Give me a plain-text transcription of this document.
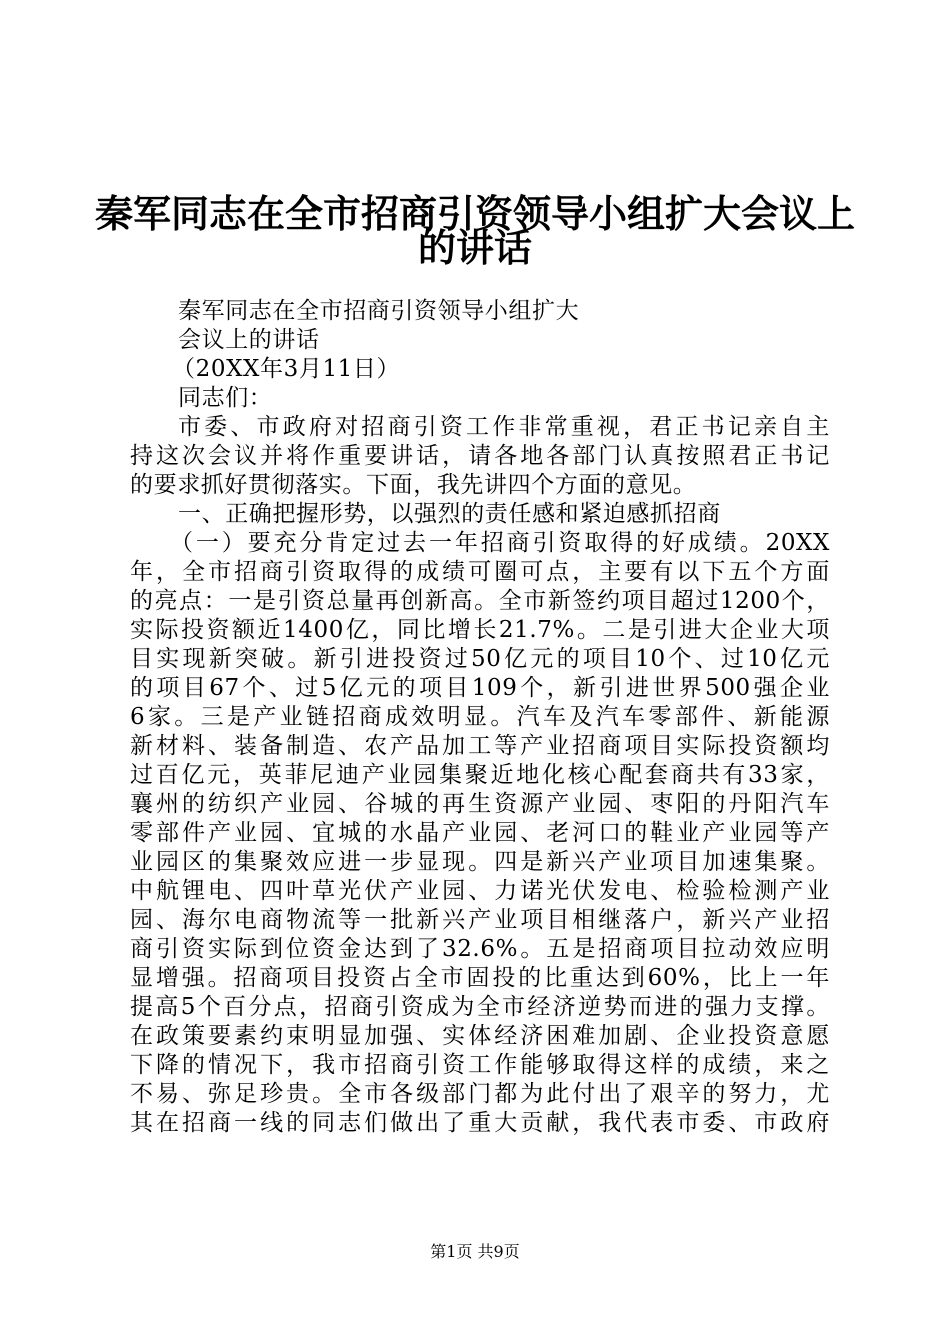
秦军同志在全市招商引资领导小组扩大会议上
的讲话
秦军同志在全市招商引资领导小组扩大
会议上的讲话
（20XX年3月11日）
同志们：
市委、市政府对招商引资工作非常重视，君正书记亲自主
持这次会议并将作重要讲话，请各地各部门认真按照君正书记
的要求抓好贯彻落实。下面，我先讲四个方面的意见。
一、正确把握形势，以强烈的责任感和紧迫感抓招商
（一）要充分肯定过去一年招商引资取得的好成绩。20XX
年，全市招商引资取得的成绩可圈可点，主要有以下五个方面
的亮点：一是引资总量再创新高。全市新签约项目超过1200个，
实际投资额近1400亿，同比增长21.7%。二是引进大企业大项
目实现新突破。新引进投资过50亿元的项目10个、过10亿元
的项目67个、过5亿元的项目109个，新引进世界500强企业
6家。三是产业链招商成效明显。汽车及汽车零部件、新能源
新材料、装备制造、农产品加工等产业招商项目实际投资额均
过百亿元，英菲尼迪产业园集聚近地化核心配套商共有33家，
襄州的纺织产业园、谷城的再生资源产业园、枣阳的丹阳汽车
零部件产业园、宜城的水晶产业园、老河口的鞋业产业园等产
业园区的集聚效应进一步显现。四是新兴产业项目加速集聚。
中航锂电、四叶草光伏产业园、力诺光伏发电、检验检测产业
园、海尔电商物流等一批新兴产业项目相继落户，新兴产业招
商引资实际到位资金达到了32.6%。五是招商项目拉动效应明
显增强。招商项目投资占全市固投的比重达到60%，比上一年
提高5个百分点，招商引资成为全市经济逆势而进的强力支撑。
在政策要素约束明显加强、实体经济困难加剧、企业投资意愿
下降的情况下，我市招商引资工作能够取得这样的成绩，来之
不易、弥足珍贵。全市各级部门都为此付出了艰辛的努力，尤
其在招商一线的同志们做出了重大贡献，我代表市委、市政府
第1页 共9页
